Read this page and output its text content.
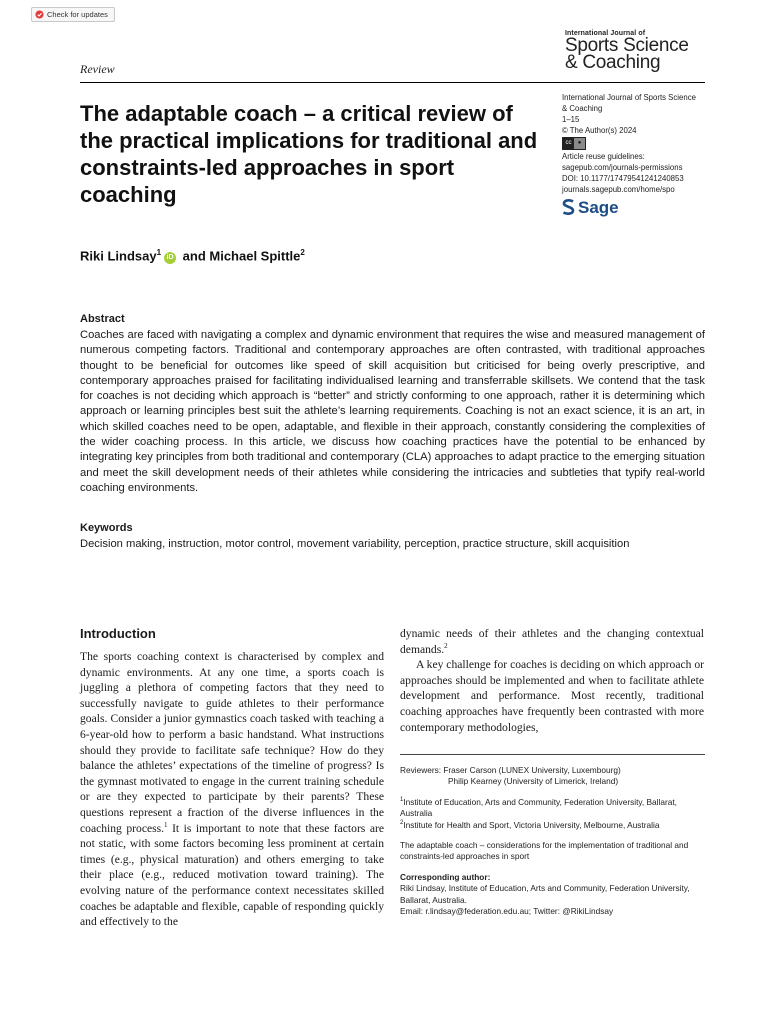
Check for updates
International Journal of
Sports Science
& Coaching
Review
The adaptable coach – a critical review of the practical implications for traditional and constraints-led approaches in sport coaching
International Journal of Sports Science
& Coaching
1–15
© The Author(s) 2024
cc	●
Article reuse guidelines:
sagepub.com/journals-permissions
DOI: 10.1177/17479541241240853
journals.sagepub.com/home/spo
Sage
Riki Lindsay$^1$iD and Michael Spittle$^2$
Abstract
Coaches are faced with navigating a complex and dynamic environment that requires the wise and measured management of numerous competing factors. Traditional and contemporary approaches are often contrasted, with traditional approaches thought to be beneficial for outcomes like speed of skill acquisition but criticised for being overly prescriptive, and contemporary approaches praised for facilitating individualised learning and transferrable skillsets. We contend that the task for coaches is not deciding which approach is “better” and strictly conforming to one approach, rather it is determining which approach or learning principles best suit the athlete’s learning requirements. Coaching is not an exact science, it is an art, in which skilled coaches need to be open, adaptable, and flexible in their approach, constantly considering the complexities of the wider coaching process. In this article, we discuss how coaching practices have the potential to be enhanced by integrating key principles from both traditional and contemporary (CLA) approaches to adapt practice to the emerging situation and meet the skill development needs of their athletes while considering the intricacies and subtleties that typify real-world coaching environments.
Keywords
Decision making, instruction, motor control, movement variability, perception, practice structure, skill acquisition
Introduction

The sports coaching context is characterised by complex and dynamic environments. At any one time, a sports coach is juggling a plethora of competing factors that they need to successfully navigate to guide athletes to their performance goals. Consider a junior gymnastics coach tasked with teaching a 6-year-old how to perform a basic handstand. What instructions should they provide to facilitate safe technique? How do they balance the athletes’ expectations of the timeline of progress? Is the gymnast motivated to engage in the current training schedule or are they expected to participate by their parents? These questions represent a fraction of the diverse influences in the coaching process.$^1$ It is important to note that these factors are not static, with some factors becoming less prominent at certain times (e.g., physical maturation) and others emerging to take their place (e.g., reduced motivation toward training). The evolving nature of the performance context necessitates skilled coaches be adaptable and flexible, capable of responding quickly and effectively to the

dynamic needs of their athletes and the changing contextual demands.$^2$

A key challenge for coaches is deciding on which approach or approaches should be implemented and when to facilitate athlete development and performance. Most recently, traditional coaching approaches have frequently been contrasted with more contemporary methodologies,

Reviewers: Fraser Carson (LUNEX University, Luxembourg)
Philip Kearney (University of Limerick, Ireland)
$^1$Institute of Education, Arts and Community, Federation University, Ballarat, Australia
$^2$Institute for Health and Sport, Victoria University, Melbourne, Australia
The adaptable coach – considerations for the implementation of traditional and constraints-led approaches in sport
Corresponding author:
Riki Lindsay, Institute of Education, Arts and Community, Federation University, Ballarat, Australia.
Email: r.lindsay@federation.edu.au; Twitter: @RikiLindsay
